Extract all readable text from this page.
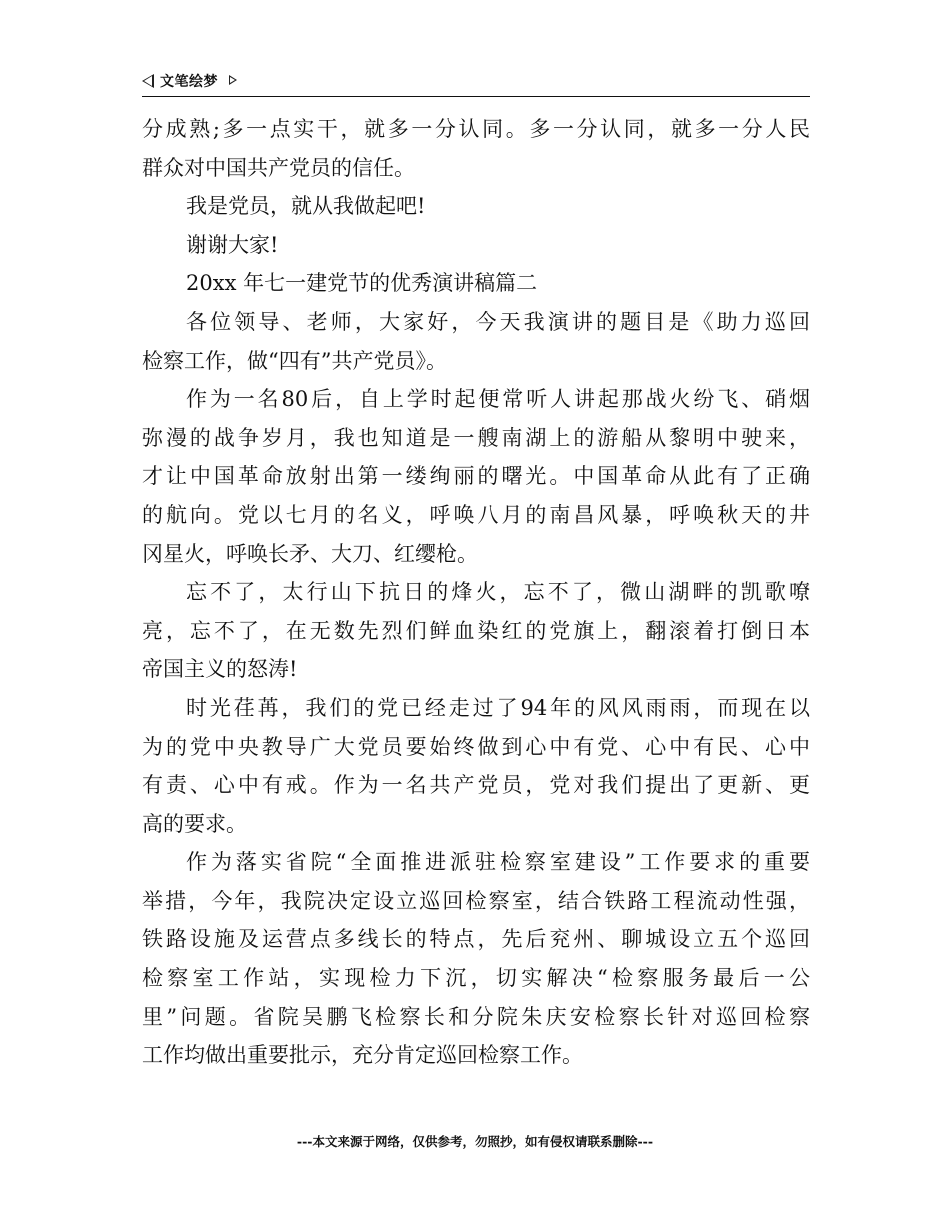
文笔绘梦
分成熟;多一点实干，就多一分认同。多一分认同，就多一分人民
群众对中国共产党员的信任。
我是党员，就从我做起吧!
谢谢大家!
20xx 年七一建党节的优秀演讲稿篇二
各位领导、老师，大家好，今天我演讲的题目是《助力巡回
检察工作，做“四有”共产党员》。
作为一名80后，自上学时起便常听人讲起那战火纷飞、硝烟
弥漫的战争岁月，我也知道是一艘南湖上的游船从黎明中驶来，
才让中国革命放射出第一缕绚丽的曙光。中国革命从此有了正确
的航向。党以七月的名义，呼唤八月的南昌风暴，呼唤秋天的井
冈星火，呼唤长矛、大刀、红缨枪。
忘不了，太行山下抗日的烽火，忘不了，微山湖畔的凯歌嘹
亮，忘不了，在无数先烈们鲜血染红的党旗上，翻滚着打倒日本
帝国主义的怒涛!
时光荏苒，我们的党已经走过了94年的风风雨雨，而现在以
为的党中央教导广大党员要始终做到心中有党、心中有民、心中
有责、心中有戒。作为一名共产党员，党对我们提出了更新、更
高的要求。
作为落实省院“全面推进派驻检察室建设”工作要求的重要
举措，今年，我院决定设立巡回检察室，结合铁路工程流动性强，
铁路设施及运营点多线长的特点，先后兖州、聊城设立五个巡回
检察室工作站，实现检力下沉，切实解决“检察服务最后一公
里”问题。省院吴鹏飞检察长和分院朱庆安检察长针对巡回检察
工作均做出重要批示，充分肯定巡回检察工作。
---本文来源于网络，仅供参考，勿照抄，如有侵权请联系删除---
